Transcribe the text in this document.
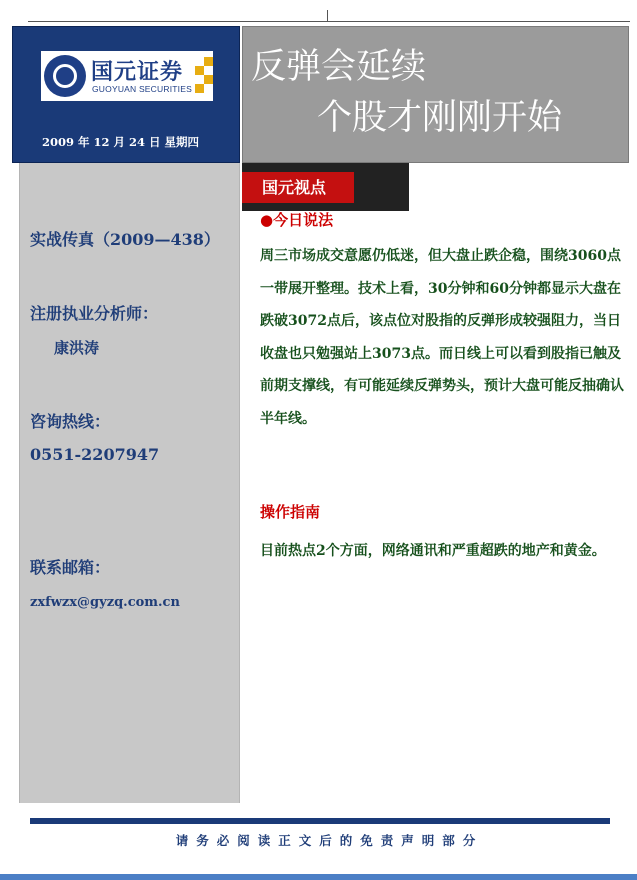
国元证券
GUOYUAN SECURITIES
2009 年 12 月 24 日 星期四
反弹会延续
个股才刚刚开始
实战传真（2009—438）
注册执业分析师：
康洪涛
咨询热线：
0551-2207947
联系邮箱：
zxfwzx@gyzq.com.cn
国元视点
●今日说法
周三市场成交意愿仍低迷，但大盘止跌企稳，围绕3060点一带展开整理。技术上看，30分钟和60分钟都显示大盘在跌破3072点后，该点位对股指的反弹形成较强阻力，当日收盘也只勉强站上3073点。而日线上可以看到股指已触及前期支撑线，有可能延续反弹势头，预计大盘可能反抽确认半年线。
操作指南
目前热点2个方面，网络通讯和严重超跌的地产和黄金。
请务必阅读正文后的免责声明部分
